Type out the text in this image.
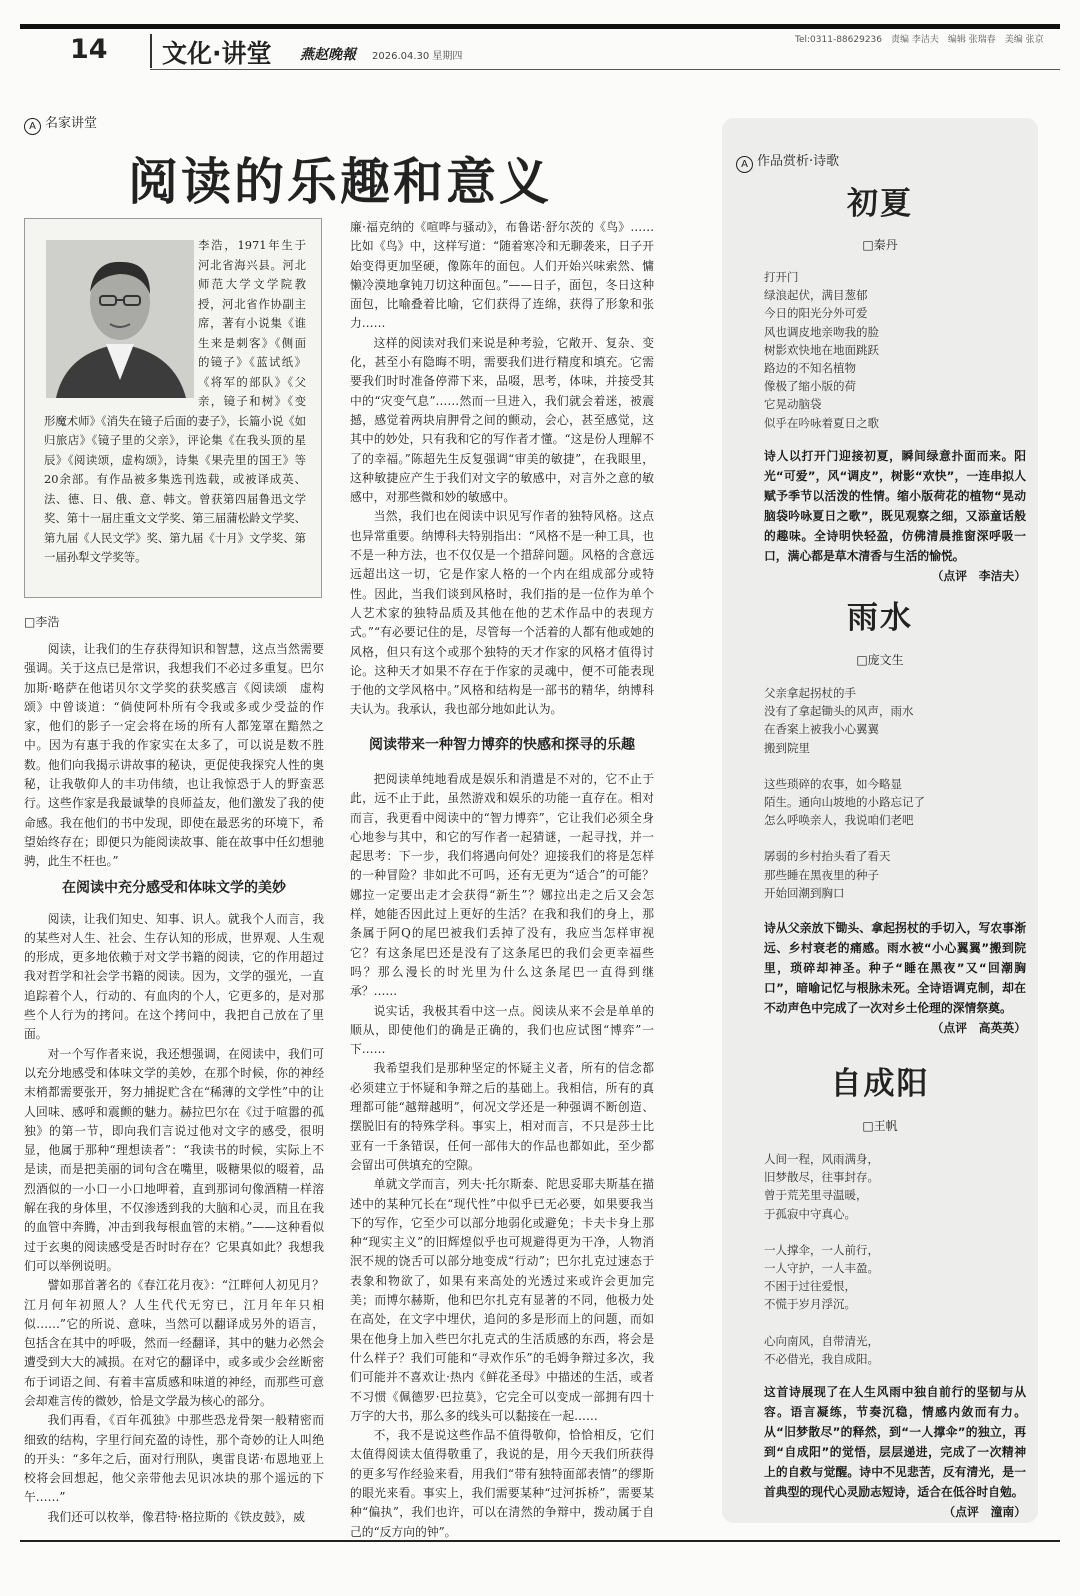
14 文化·讲堂 燕赵晚報 2026.04.30 星期四
Tel:0311-88629236　责编 李洁夫　编辑 张瑞春　美编 张京
A 名家讲堂
阅读的乐趣和意义
李浩，1971年生于河北省海兴县。河北师范大学文学院教授，河北省作协副主席，著有小说集《谁生来是刺客》《侧面的镜子》《蓝试纸》《将军的部队》《父亲，镜子和树》《变形魔术师》《消失在镜子后面的妻子》，长篇小说《如归旅店》《镜子里的父亲》，评论集《在我头顶的星辰》《阅读颂，虚构颂》，诗集《果壳里的国王》等20余部。有作品被多集选刊选载，或被译成英、法、德、日、俄、意、韩文。曾获第四届鲁迅文学奖、第十一届庄重文文学奖、第三届蒲松龄文学奖、第九届《人民文学》奖、第九届《十月》文学奖、第一届孙犁文学奖等。
□李浩

阅读，让我们的生存获得知识和智慧，这点当然需要强调。关于这点已是常识，我想我们不必过多重复。巴尔加斯·略萨在他诺贝尔文学奖的获奖感言《阅读颂　虚构颂》中曾谈道：“倘使阿朴所有令我或多或少受益的作家，他们的影子一定会将在场的所有人都笼罩在黯然之中。因为有惠于我的作家实在太多了，可以说是数不胜数。他们向我揭示讲故事的秘诀，更促使我探究人性的奥秘，让我敬仰人的丰功伟绩，也让我惊恐于人的野蛮恶行。这些作家是我最诚挚的良师益友，他们激发了我的使命感。我在他们的书中发现，即使在最恶劣的环境下，希望始终存在；即便只为能阅读故事、能在故事中任幻想驰骋，此生不枉也。”

阅读，让我们知史、知事、识人。就我个人而言，我的某些对人生、社会、生存认知的形成，世界观、人生观的形成，更多地依赖于对文学书籍的阅读，它的作用超过我对哲学和社会学书籍的阅读。因为，文学的强光，一直追踪着个人，行动的、有血肉的个人，它更多的，是对那些个人行为的拷问。在这个拷问中，我把自己放在了里面。

对一个写作者来说，我还想强调，在阅读中，我们可以充分地感受和体味文学的美妙，在那个时候，你的神经末梢都需要张开，努力捕捉贮含在“稀薄的文学性”中的让人回味、感呼和震颤的魅力。赫拉巴尔在《过于喧嚣的孤独》的第一节，即向我们言说过他对文字的感受，很明显，他属于那种“理想读者”：“我读书的时候，实际上不是读，而是把美丽的词句含在嘴里，吸糖果似的啜着，品烈酒似的一小口一小口地呷着，直到那词句像酒精一样溶解在我的身体里，不仅渗透到我的大脑和心灵，而且在我的血管中奔腾，冲击到我每根血管的末梢。”——这种看似过于玄奥的阅读感受是否时时存在？它果真如此？我想我们可以举例说明。

譬如那首著名的《春江花月夜》：“江畔何人初见月？江月何年初照人？人生代代无穷已，江月年年只相似……”它的所说、意味，当然可以翻译成另外的语言，包括含在其中的呼吸，然而一经翻译，其中的魅力必然会遭受到大大的减损。在对它的翻译中，或多或少会丝断密布于词语之间、有着丰富质感和味道的神经，而那些可意会却难言传的微妙，恰是文学最为核心的部分。

我们再看，《百年孤独》中那些恐龙骨架一般精密而细致的结构，字里行间充盈的诗性，那个奇妙的让人叫绝的开头：“多年之后，面对行刑队，奥雷良诺·布恩地亚上校将会回想起，他父亲带他去见识冰块的那个遥远的下午……”

我们还可以枚举，像君特·格拉斯的《铁皮鼓》，威

在阅读中充分感受和体味文学的美妙

廉·福克纳的《喧哗与骚动》，布鲁诺·舒尔茨的《鸟》……比如《鸟》中，这样写道：“随着寒冷和无聊袭来，日子开始变得更加坚硬，像陈年的面包。人们开始兴味索然、慵懒冷漠地拿钝刀切这种面包。”——日子，面包，冬日这种面包，比喻叠着比喻，它们获得了连绵，获得了形象和张力……

这样的阅读对我们来说是种考验，它敞开、复杂、变化，甚至小有隐晦不明，需要我们进行精度和填充。它需要我们时时准备停滞下来，品啜，思考，体味，并接受其中的“灾变气息”……然而一旦进入，我们就会着迷，被震撼，感觉着两块肩胛骨之间的颤动，会心，甚至感觉，这其中的妙处，只有我和它的写作者才懂。“这是份人理解不了的幸福。”陈超先生反复强调“审美的敏捷”，在我眼里，这种敏捷应产生于我们对文字的敏感中，对言外之意的敏感中，对那些微和妙的敏感中。

当然，我们也在阅读中识见写作者的独特风格。这点也异常重要。纳博科夫特别指出：“风格不是一种工具，也不是一种方法，也不仅仅是一个措辞问题。风格的含意远远超出这一切，它是作家人格的一个内在组成部分或特性。因此，当我们谈到风格时，我们指的是一位作为单个人艺术家的独特品质及其他在他的艺术作品中的表现方式。”“有必要记住的是，尽管每一个活着的人都有他或她的风格，但只有这个或那个独特的天才作家的风格才值得讨论。这种天才如果不存在于作家的灵魂中，便不可能表现于他的文学风格中。”风格和结构是一部书的精华，纳博科夫认为。我承认，我也部分地如此认为。

阅读带来一种智力博弈的快感和探寻的乐趣

把阅读单纯地看成是娱乐和消遣是不对的，它不止于此，远不止于此，虽然游戏和娱乐的功能一直存在。相对而言，我更看中阅读中的“智力博弈”，它让我们必须全身心地参与其中，和它的写作者一起猜谜，一起寻找，并一起思考：下一步，我们将遇向何处？迎接我们的将是怎样的一种冒险？非如此不可吗，还有无更为“适合”的可能？娜拉一定要出走才会获得“新生”？娜拉出走之后又会怎样，她能否因此过上更好的生活？在我和我们的身上，那条属于阿Q的尾巴被我们丢掉了没有，我应当怎样审视它？有这条尾巴还是没有了这条尾巴的我们会更幸福些吗？那么漫长的时光里为什么这条尾巴一直得到继承？……

说实话，我极其看中这一点。阅读从来不会是单单的顺从，即使他们的确是正确的，我们也应试图“博弈”一下……

我希望我们是那种坚定的怀疑主义者，所有的信念都必须建立于怀疑和争辩之后的基础上。我相信，所有的真理都可能“越辩越明”，何况文学还是一种强调不断创造、摆脱旧有的特殊学科。事实上，相对而言，不只是莎士比亚有一千条错误，任何一部伟大的作品也都如此，至少都会留出可供填充的空隙。

单就文学而言，列夫·托尔斯泰、陀思妥耶夫斯基在描述中的某种冗长在“现代性”中似乎已无必要，如果要我当下的写作，它至少可以部分地弱化或避免；卡夫卡身上那种“现实主义”的旧辉煌似乎也可规避得更为干净，人物消泯不规的饶舌可以部分地变成“行动”；巴尔扎克过速态于表象和物欲了，如果有来高处的光透过来或许会更加完美；而博尔赫斯，他和巴尔扎克有显著的不同，他极力处在高处，在文字中埋伏，追问的多是形而上的问题，而如果在他身上加入些巴尔扎克式的生活质感的东西，将会是什么样子？我们可能和“寻欢作乐”的毛姆争辩过多次，我们可能并不喜欢让·热内《鲜花圣母》中描述的生活，或者不习惯《佩德罗·巴拉莫》，它完全可以变成一部拥有四十万字的大书，那么多的线头可以黏接在一起……

不，我不是说这些作品不值得敬仰，恰恰相反，它们太值得阅读太值得敬重了，我说的是，用今天我们所获得的更多写作经验来看，用我们“带有独特面部表情”的缪斯的眼光来看。事实上，我们需要某种“过河拆桥”，需要某种“偏执”，我们也许，可以在清然的争辩中，拨动属于自己的“反方向的钟”。

A 作品赏析·诗歌
初夏
□秦丹
打开门
绿浪起伏，满目葱郁
今日的阳光分外可爱
风也调皮地亲吻我的脸
树影欢快地在地面跳跃
路边的不知名植物
像极了缩小版的荷
它晃动脑袋
似乎在吟咏着夏日之歌
诗人以打开门迎接初夏，瞬间绿意扑面而来。阳光“可爱”，风“调皮”，树影“欢快”，一连串拟人赋予季节以活泼的性情。缩小版荷花的植物“晃动脑袋吟咏夏日之歌”，既见观察之细，又添童话般的趣味。全诗明快轻盈，仿佛清晨推窗深呼吸一口，满心都是草木清香与生活的愉悦。
（点评　李洁夫）
雨水
□庞文生
父亲拿起拐杖的手
没有了拿起锄头的风声，雨水
在香案上被我小心翼翼
搬到院里
这些琐碎的农事，如今略显
陌生。通向山坡地的小路忘记了
怎么呼唤亲人，我说咱们老吧
孱弱的乡村抬头看了看天
那些睡在黑夜里的种子
开始回潮到胸口
诗从父亲放下锄头、拿起拐杖的手切入，写农事渐远、乡村衰老的痛感。雨水被“小心翼翼”搬到院里，琐碎却神圣。种子“睡在黑夜”又“回潮胸口”，暗喻记忆与根脉未死。全诗语调克制，却在不动声色中完成了一次对乡土伦理的深情祭奠。
（点评　高英英）
自成阳
□王帆
人间一程，风雨满身，
旧梦散尽，往事封存。
曾于荒芜里寻温暖，
于孤寂中守真心。
一人撑伞，一人前行，
一人守护，一人丰盈。
不困于过往爱恨，
不慌于岁月浮沉。
心向南风，自带清光，
不必借光，我自成阳。
这首诗展现了在人生风雨中独自前行的坚韧与从容。语言凝练，节奏沉稳，情感内敛而有力。从“旧梦散尽”的释然，到“一人撑伞”的独立，再到“自成阳”的觉悟，层层递进，完成了一次精神上的自救与觉醒。诗中不见悲苦，反有清光，是一首典型的现代心灵励志短诗，适合在低谷时自勉。
（点评　潼南）
